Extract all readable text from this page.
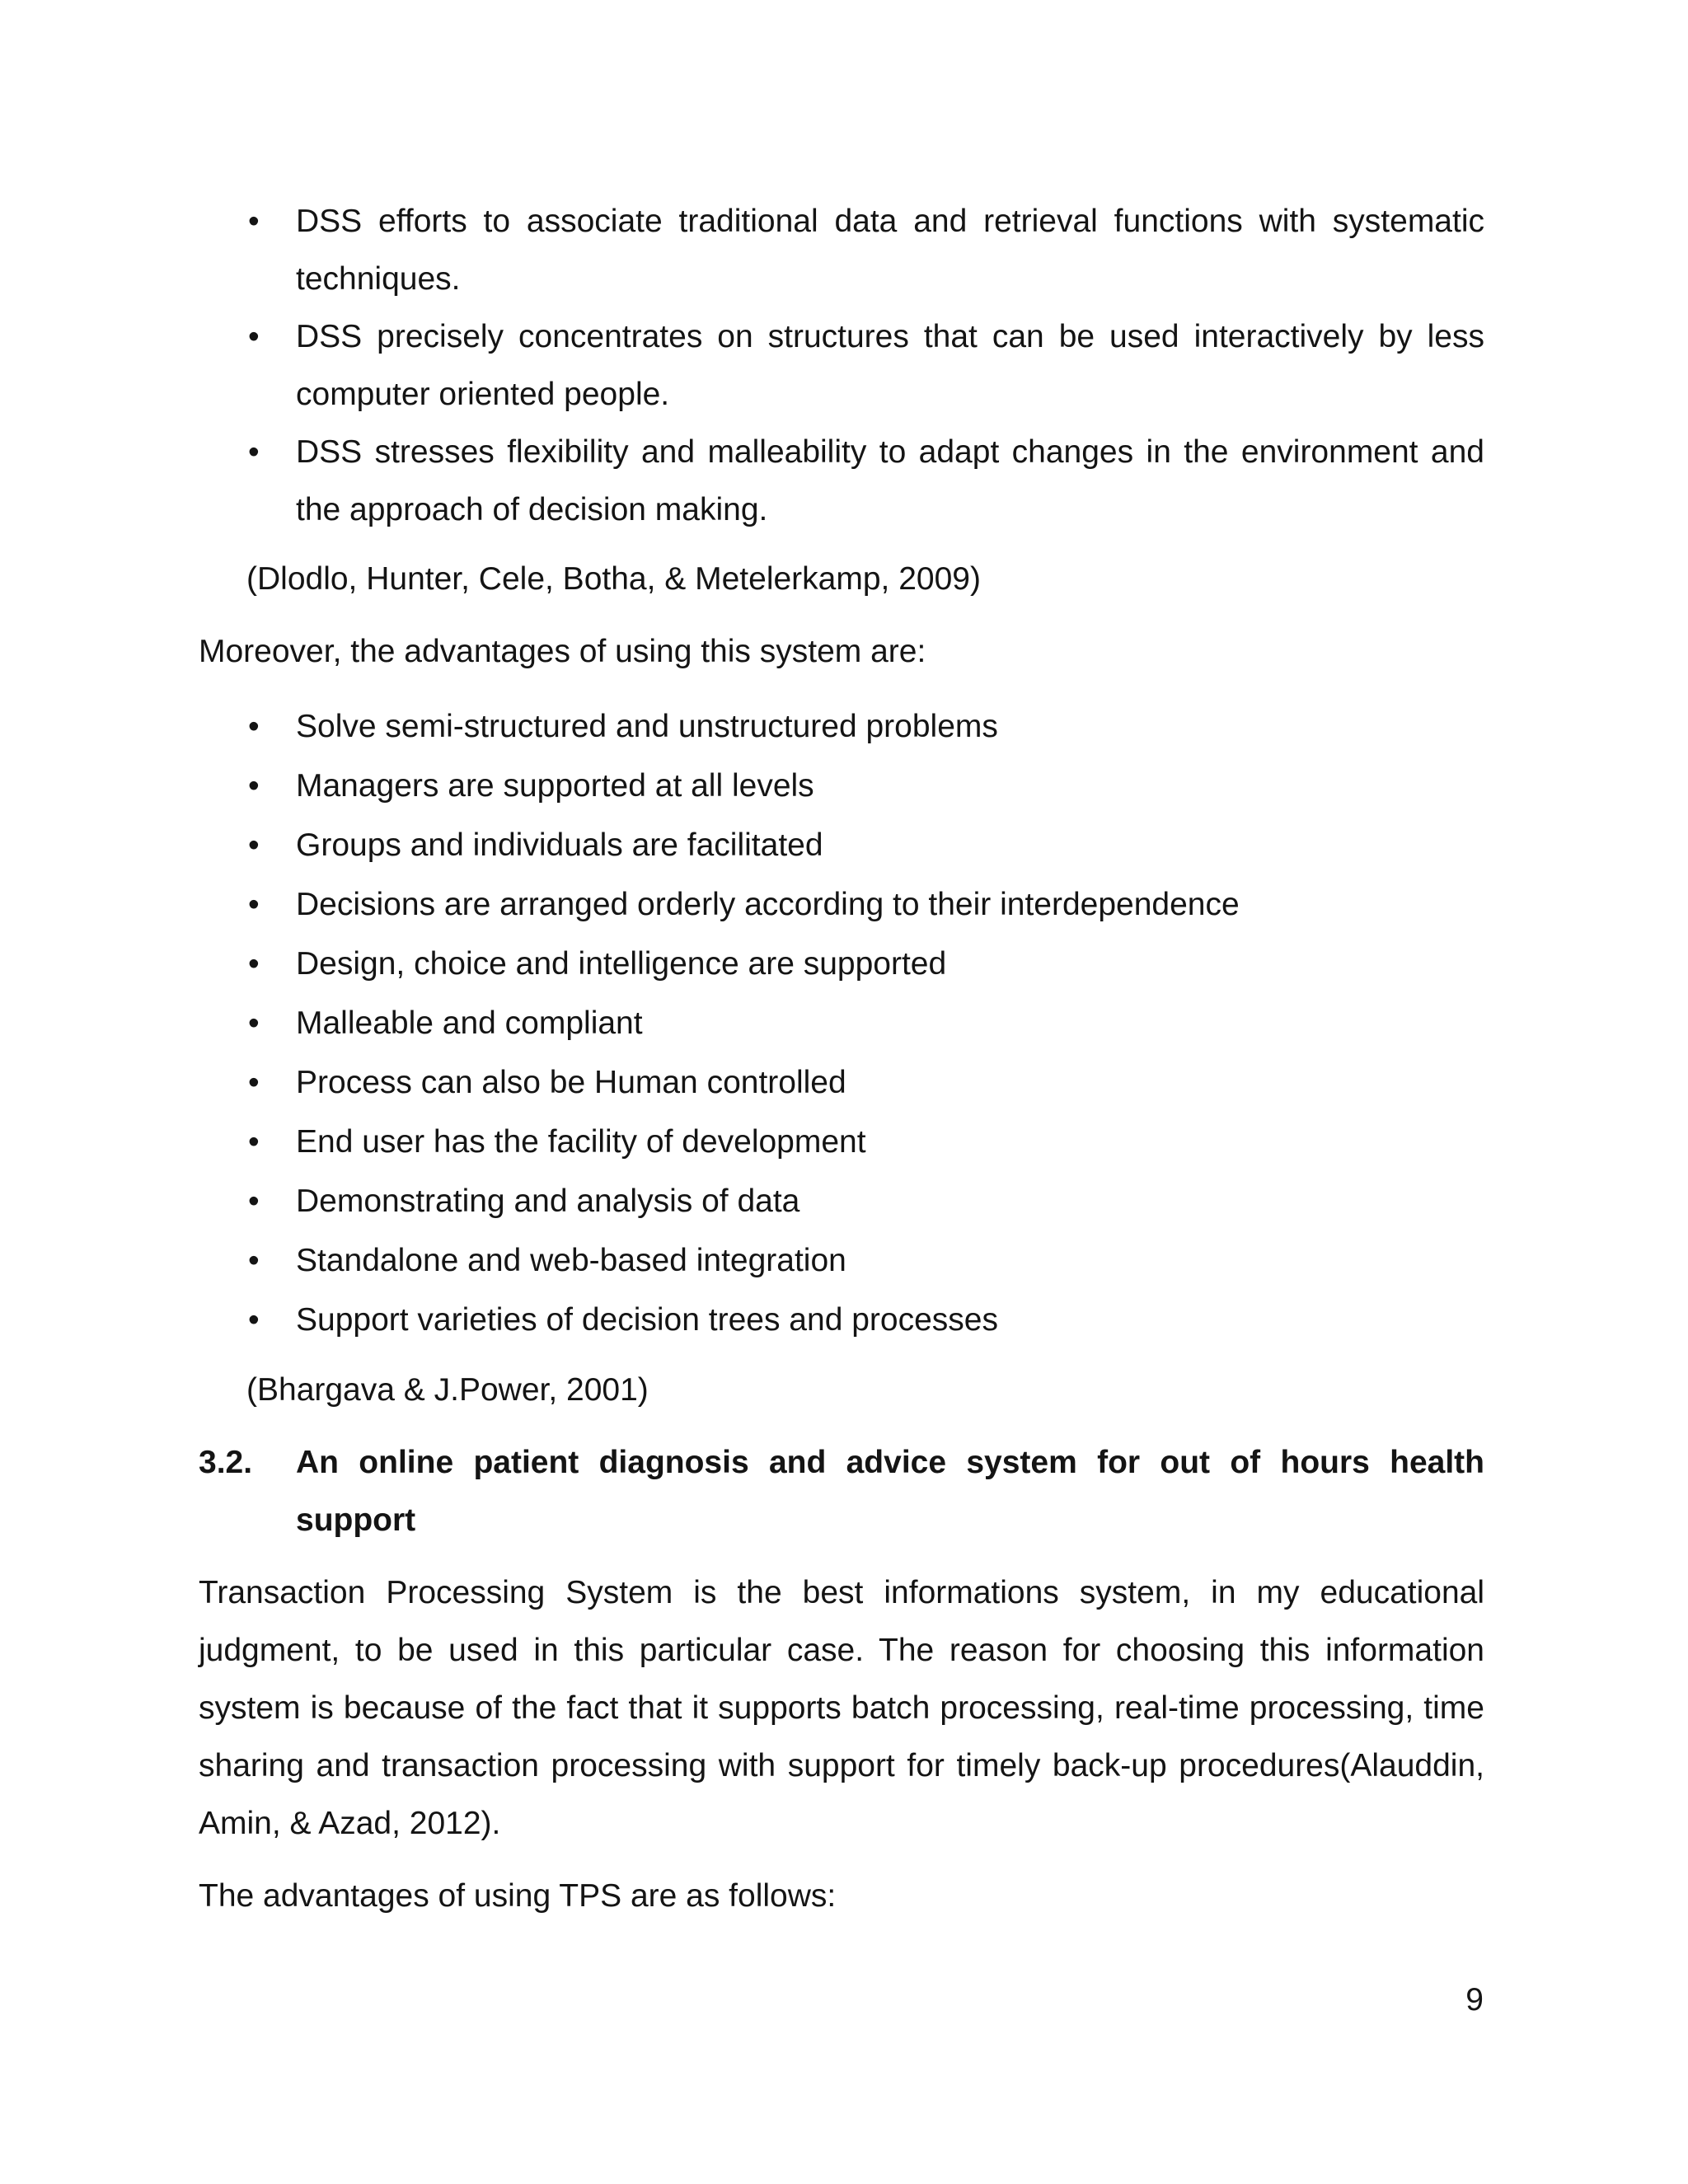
•	DSS efforts to associate traditional data and retrieval functions with systematic techniques.
•	DSS precisely concentrates on structures that can be used interactively by less computer oriented people.
•	DSS stresses flexibility and malleability to adapt changes in the environment and the approach of decision making.
(Dlodlo, Hunter, Cele, Botha, & Metelerkamp, 2009)
Moreover, the advantages of using this system are:
•	Solve semi-structured and unstructured problems
•	Managers are supported at all levels
•	Groups and individuals are facilitated
•	Decisions are arranged orderly according to their interdependence
•	Design, choice and intelligence are supported
•	Malleable and compliant
•	Process can also be Human controlled
•	End user has the facility of development
•	Demonstrating and analysis of data
•	Standalone and web-based integration
•	Support varieties of decision trees and processes
(Bhargava & J.Power, 2001)
3.2. An online patient diagnosis and advice system for out of hours health support
Transaction Processing System is the best informations system, in my educational judgment, to be used in this particular case. The reason for choosing this information system is because of the fact that it supports batch processing, real-time processing, time sharing and transaction processing with support for timely back-up procedures(Alauddin, Amin, & Azad, 2012).
The advantages of using TPS are as follows:
9
